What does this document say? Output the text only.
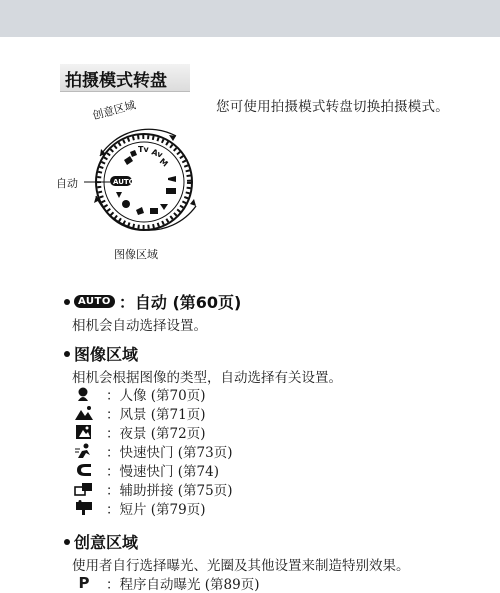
拍摄模式转盘
您可使用拍摄模式转盘切换拍摄模式。
Tv Av
M
AUTO
创意区域
自动
图像区域
AUTO ：自动 (第60页)
相机会自动选择设置。
图像区域
相机会根据图像的类型，自动选择有关设置。
：人像 (第70页)
：风景 (第71页)
：夜景 (第72页)
：快速快门 (第73页)
：慢速快门 (第74)
：辅助拼接 (第75页)
：短片 (第79页)
创意区域
使用者自行选择曝光、光圈及其他设置来制造特别效果。
P	：程序自动曝光 (第89页)
